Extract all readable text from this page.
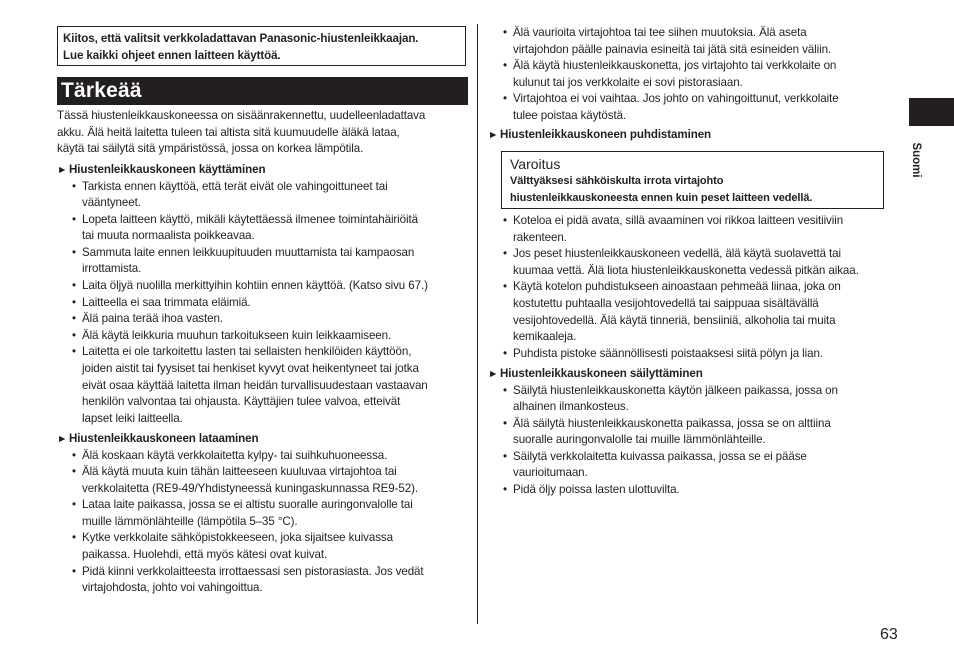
Kiitos, että valitsit verkkoladattavan Panasonic-hiustenleikkaajan.
Lue kaikki ohjeet ennen laitteen käyttöä.
Tärkeää

Tässä hiustenleikkauskoneessa on sisäänrakennettu, uudelleenladattava

akku. Älä heitä laitetta tuleen tai altista sitä kuumuudelle äläkä lataa,

käytä tai säilytä sitä ympäristössä, jossa on korkea lämpötila.

► Hiustenleikkauskoneen käyttäminen

• Tarkista ennen käyttöä, että terät eivät ole vahingoittuneet tai
vääntyneet.
• Lopeta laitteen käyttö, mikäli käytettäessä ilmenee toimintahäiriöitä
tai muuta normaalista poikkeavaa.
• Sammuta laite ennen leikkuupituuden muuttamista tai kampaosan
irrottamista.
• Laita öljyä nuolilla merkittyihin kohtiin ennen käyttöä. (Katso sivu 67.)
• Laitteella ei saa trimmata eläimiä.
• Älä paina terää ihoa vasten.
• Älä käytä leikkuria muuhun tarkoitukseen kuin leikkaamiseen.
• Laitetta ei ole tarkoitettu lasten tai sellaisten henkilöiden käyttöön,
joiden aistit tai fyysiset tai henkiset kyvyt ovat heikentyneet tai jotka
eivät osaa käyttää laitetta ilman heidän turvallisuudestaan vastaavan
henkilön valvontaa tai ohjausta. Käyttäjien tulee valvoa, etteivät
lapset leiki laitteella.

► Hiustenleikkauskoneen lataaminen

• Älä koskaan käytä verkkolaitetta kylpy- tai suihkuhuoneessa.
• Älä käytä muuta kuin tähän laitteeseen kuuluvaa virtajohtoa tai
verkkolaitetta (RE9-49/Yhdistyneessä kuningaskunnassa RE9-52).
• Lataa laite paikassa, jossa se ei altistu suoralle auringonvalolle tai
muille lämmönlähteille (lämpötila 5–35 °C).
• Kytke verkkolaite sähköpistokkeeseen, joka sijaitsee kuivassa
paikassa. Huolehdi, että myös kätesi ovat kuivat.
• Pidä kiinni verkkolaitteesta irrottaessasi sen pistorasiasta. Jos vedät
virtajohdosta, johto voi vahingoittua.
• Älä vaurioita virtajohtoa tai tee siihen muutoksia. Älä aseta
virtajohdon päälle painavia esineitä tai jätä sitä esineiden väliin.
• Älä käytä hiustenleikkauskonetta, jos virtajohto tai verkkolaite on
kulunut tai jos verkkolaite ei sovi pistorasiaan.
• Virtajohtoa ei voi vaihtaa. Jos johto on vahingoittunut, verkkolaite
tulee poistaa käytöstä.

► Hiustenleikkauskoneen puhdistaminen

Varoitus

Välttyäksesi sähköiskulta irrota virtajohto

hiustenleikkauskoneesta ennen kuin peset laitteen vedellä.

• Koteloa ei pidä avata, sillä avaaminen voi rikkoa laitteen vesitiiviin
rakenteen.
• Jos peset hiustenleikkauskoneen vedellä, älä käytä suolavettä tai
kuumaa vettä. Älä liota hiustenleikkauskonetta vedessä pitkän aikaa.
• Käytä kotelon puhdistukseen ainoastaan pehmeää liinaa, joka on
kostutettu puhtaalla vesijohtovedellä tai saippuaa sisältävällä
vesijohtovedellä. Älä käytä tinneriä, bensiiniä, alkoholia tai muita
kemikaaleja.
• Puhdista pistoke säännöllisesti poistaaksesi siitä pölyn ja lian.

► Hiustenleikkauskoneen säilyttäminen

• Säilytä hiustenleikkauskonetta käytön jälkeen paikassa, jossa on
alhainen ilmankosteus.
• Älä säilytä hiustenleikkauskonetta paikassa, jossa se on alttiina
suoralle auringonvalolle tai muille lämmönlähteille.
• Säilytä verkkolaitetta kuivassa paikassa, jossa se ei pääse
vaurioitumaan.
• Pidä öljy poissa lasten ulottuvilta.
Suomi
63
